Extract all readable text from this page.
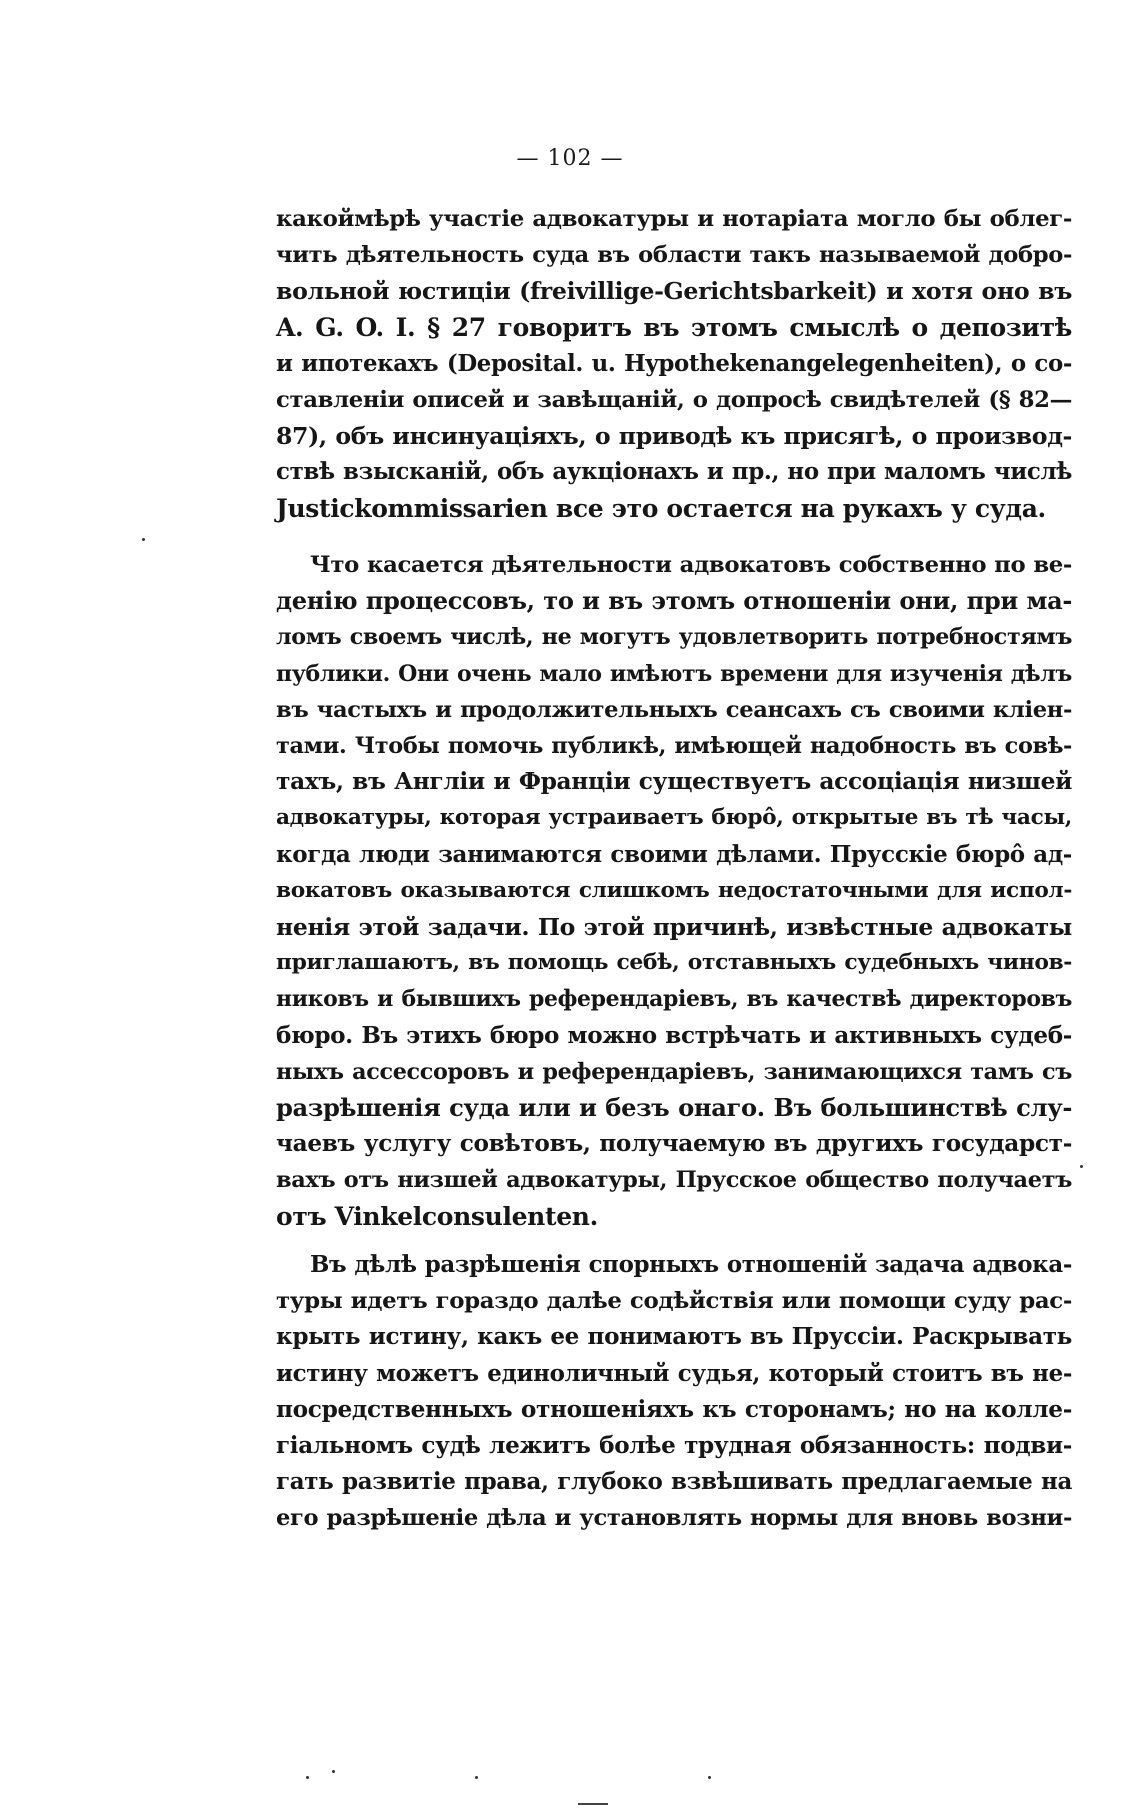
— 102 —
какоймѣрѣ участіе адвокатуры и нотаріата могло бы облег-
чить дѣятельность суда въ области такъ называемой добро-
вольной юстиціи (freivillige-Gerichtsbarkeit) и хотя оно въ
A. G. O. I. § 27 говоритъ въ этомъ смыслѣ о депозитѣ
и ипотекахъ (Deposital. u. Hypothekenangelegenheiten), о со-
ставленіи описей и завѣщаній, о допросѣ свидѣтелей (§ 82—
87), объ инсинуаціяхъ, о приводѣ къ присягѣ, о производ-
ствѣ взысканій, объ аукціонахъ и пр., но при маломъ числѣ
Justickommissarien все это остается на рукахъ у суда.
Что касается дѣятельности адвокатовъ собственно по ве-
денію процессовъ, то и въ этомъ отношеніи они, при ма-
ломъ своемъ числѣ, не могутъ удовлетворить потребностямъ
публики. Они очень мало имѣютъ времени для изученія дѣлъ
въ частыхъ и продолжительныхъ сеансахъ съ своими кліен-
тами. Чтобы помочь публикѣ, имѣющей надобность въ совѣ-
тахъ, въ Англіи и Франціи существуетъ ассоціація низшей
адвокатуры, которая устраиваетъ бюрô, открытые въ тѣ часы,
когда люди занимаются своими дѣлами. Прусскіе бюрô ад-
вокатовъ оказываются слишкомъ недостаточными для испол-
ненія этой задачи. По этой причинѣ, извѣстные адвокаты
приглашаютъ, въ помощь себѣ, отставныхъ судебныхъ чинов-
никовъ и бывшихъ референдаріевъ, въ качествѣ директоровъ
бюро. Въ этихъ бюро можно встрѣчать и активныхъ судеб-
ныхъ ассессоровъ и референдаріевъ, занимающихся тамъ съ
разрѣшенія суда или и безъ онаго. Въ большинствѣ слу-
чаевъ услугу совѣтовъ, получаемую въ другихъ государст-
вахъ отъ низшей адвокатуры, Прусское общество получаетъ
отъ Vinkelconsulenten.
Въ дѣлѣ разрѣшенія спорныхъ отношеній задача адвока-
туры идетъ гораздо далѣе содѣйствія или помощи суду рас-
крыть истину, какъ ее понимаютъ въ Пруссіи. Раскрывать
истину можетъ единоличный судья, который стоитъ въ не-
посредственныхъ отношеніяхъ къ сторонамъ; но на колле-
гіальномъ судѣ лежитъ болѣе трудная обязанность: подви-
гать развитіе права, глубоко взвѣшивать предлагаемые на
его разрѣшеніе дѣла и установлять нормы для вновь возни-
